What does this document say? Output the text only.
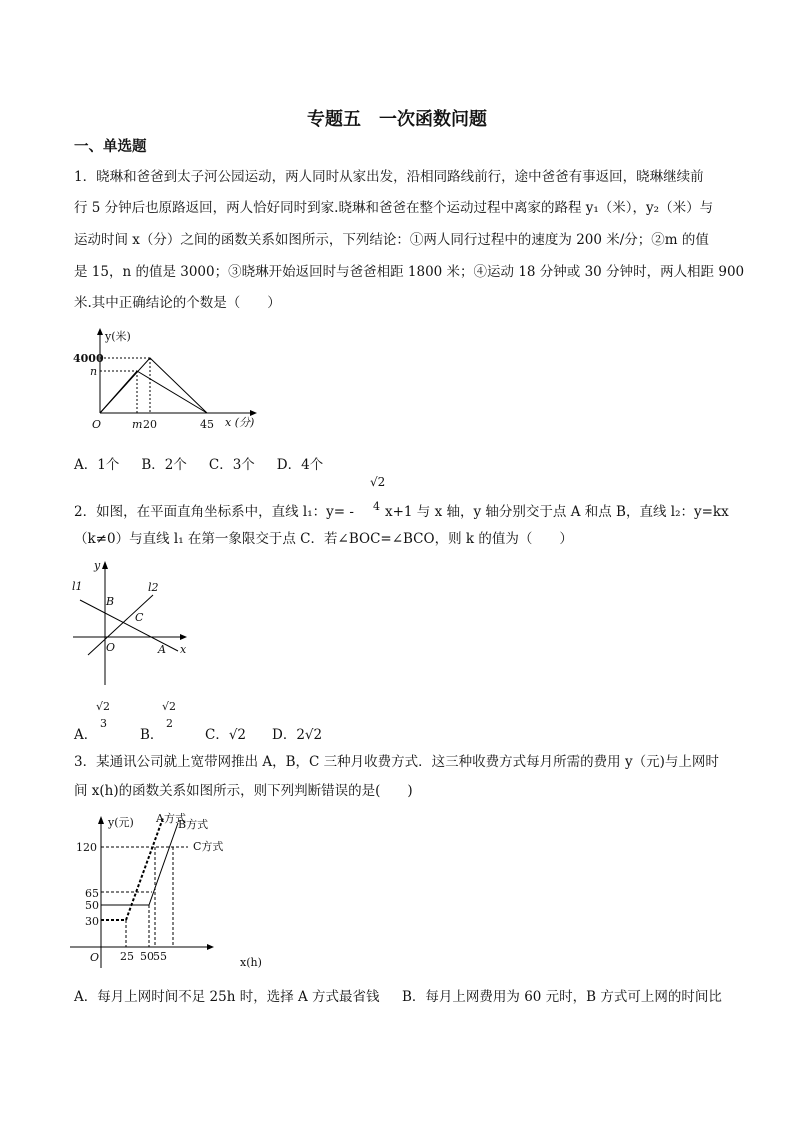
专题五　一次函数问题
一、单选题
1．晓琳和爸爸到太子河公园运动，两人同时从家出发，沿相同路线前行，途中爸爸有事返回，晓琳继续前
行 5 分钟后也原路返回，两人恰好同时到家.晓琳和爸爸在整个运动过程中离家的路程 y₁（米），y₂（米）与
运动时间 x（分）之间的函数关系如图所示，下列结论：①两人同行过程中的速度为 200 米/分；②m 的值
是 15，n 的值是 3000；③晓琳开始返回时与爸爸相距 1800 米；④运动 18 分钟或 30 分钟时，两人相距 900
米.其中正确结论的个数是（　　）
y(米)
4000
n
O	m 20	45 x (分)
A．1个 B．2个 C．3个 D．4个
√2
4
2．如图，在平面直角坐标系中，直线 l₁：y= - x+1 与 x 轴，y 轴分别交于点 A 和点 B，直线 l₂：y=kx
（k≠0）与直线 l₁ 在第一象限交于点 C．若∠BOC=∠BCO，则 k 的值为（　　）
y
x
l1	l2
B
C
O	A
A．
√2
3
B．
√2
2
C．√2 D．2√2
3．某通讯公司就上宽带网推出 A，B，C 三种月收费方式．这三种收费方式每月所需的费用 y（元)与上网时
间 x(h)的函数关系如图所示，则下列判断错误的是(　　)
y(元) A方式
B方式
C方式
120
65
50
30
O 25 50 55	x(h)
A．每月上网时间不足 25h 时，选择 A 方式最省钱 B．每月上网费用为 60 元时，B 方式可上网的时间比
